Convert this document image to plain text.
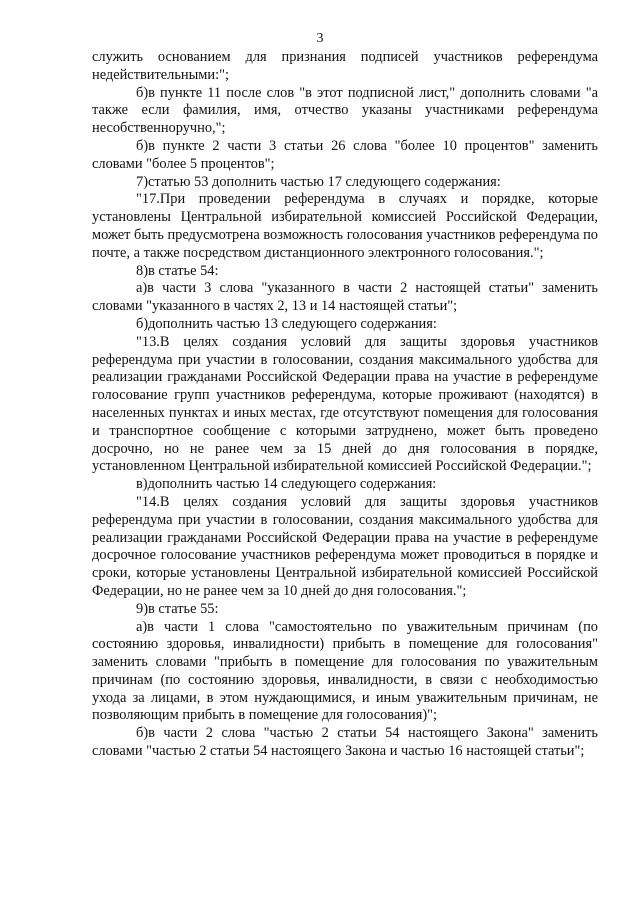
3

служить основанием для признания подписей участников референдума недействительными:";

б)в пункте 11 после слов "в этот подписной лист," дополнить словами "а также если фамилия, имя, отчество указаны участниками референдума несобственноручно,";

б)в пункте 2 части 3 статьи 26 слова "более 10 процентов" заменить словами "более 5 процентов";

7)статью 53 дополнить частью 17 следующего содержания:

"17.При проведении референдума в случаях и порядке, которые установлены Центральной избирательной комиссией Российской Федерации, может быть предусмотрена возможность голосования участников референдума по почте, а также посредством дистанционного электронного голосования.";

8)в статье 54:

а)в части 3 слова "указанного в части 2 настоящей статьи" заменить словами "указанного в частях 2, 13 и 14 настоящей статьи";

б)дополнить частью 13 следующего содержания:

"13.В целях создания условий для защиты здоровья участников референдума при участии в голосовании, создания максимального удобства для реализации гражданами Российской Федерации права на участие в референдуме голосование групп участников референдума, которые проживают (находятся) в населенных пунктах и иных местах, где отсутствуют помещения для голосования и транспортное сообщение с которыми затруднено, может быть проведено досрочно, но не ранее чем за 15 дней до дня голосования в порядке, установленном Центральной избирательной комиссией Российской Федерации.";

в)дополнить частью 14 следующего содержания:

"14.В целях создания условий для защиты здоровья участников референдума при участии в голосовании, создания максимального удобства для реализации гражданами Российской Федерации права на участие в референдуме досрочное голосование участников референдума может проводиться в порядке и сроки, которые установлены Центральной избирательной комиссией Российской Федерации, но не ранее чем за 10 дней до дня голосования.";

9)в статье 55:

а)в части 1 слова "самостоятельно по уважительным причинам (по состоянию здоровья, инвалидности) прибыть в помещение для голосования" заменить словами "прибыть в помещение для голосования по уважительным причинам (по состоянию здоровья, инвалидности, в связи с необходимостью ухода за лицами, в этом нуждающимися, и иным уважительным причинам, не позволяющим прибыть в помещение для голосования)";

б)в части 2 слова "частью 2 статьи 54 настоящего Закона" заменить словами "частью 2 статьи 54 настоящего Закона и частью 16 настоящей статьи";
